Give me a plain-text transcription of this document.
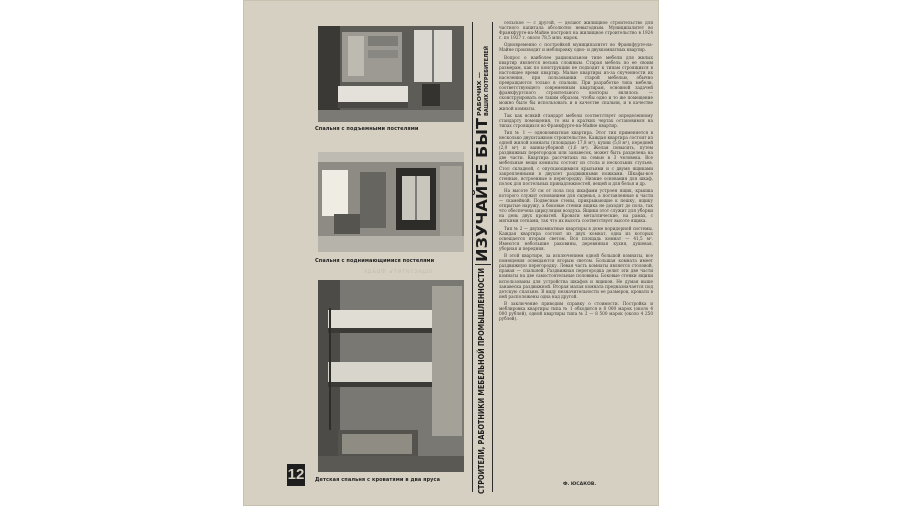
Спальня с подъемными постелями
Спальня с поднимающимися постелями
Детская спальня с кроватями в два яруса
12
ощиститетъ Фрадк
ИЗУЧАЙТЕ БЫТ
РАБОЧИХ — ВАШИХ ПОТРЕБИТЕЛЕЙ
СТРОИТЕЛИ, РАБОТНИКИ МЕБЕЛЬНОЙ ПРОМЫШЛЕННОСТИ

сельское — с другой, — делают жилищное строительство для частного капитала абсолютно невыгодным. Муниципалитет во Франкфурте-на-Майне построил на жилищное строительство в 1924 г. по 1927 г. около 78,5 млн. марок.

Одновременно с постройкой муниципалитет во Франкфурте-на-Майне производит и меблировку одно- и двухкомнатных квартир.

Вопрос о наиболее рациональном типе мебели для жилых квартир является весьма сложным. Старая мебель по ее своим размерам, как по конструкции не подходит к типам строящихся в настоящее время квартир. Малые квартиры из-за скученности их населения, при пользовании старой мебелью, обычно превращаются только в спальни. При разработке типа мебели, соответствующего современным квартирам, основной задачей франкфуртского строительного конторы являлось — сконструировать ее таким образом, чтобы одно и то же помещение можно было бы использовать и в качестве спальни, и в качестве жилой комнаты.

Так как всякий стандарт мебели соответствует определенному стандарту помещения, то мы в кратких чертах остановимся на типах строящихся во Франкфурте-на-Майне квартир.

Тип № 1 — однокомнатная квартира. Этот тип применяется в несколько двухэтажном строительстве. Каждая квартира состоит из одной жилой комнаты (площадью 17,8 м²), кухни (5,8 м²), передней (2,0 м²) и ванны-уборной (1,6 м²). Желая повысить, путем раздвижных перегородок или занавесок, может быть разделена на две части. Квартира рассчитана на семью в 3 человека. Все мебельные вещи комнаты состоят из стола и нескольких стульев. Стол складной, с опускающимися крыльями и с двумя ящиками закрепленными в двухлет раздвижными ножками. Шкафы-все стенные, встроенные в перегородку. Низкие основания для шкаф, полок для постельных принадлежностей, вещей и для белья и др.

На высоте 50 см от пола под шкафами устроен ящик, крышка которого служит основанием для сиденья, а поставленные к части — скамейкой. Подвесные стены, прикрывающие к пешку, ящику открытые наружу, а боковые стенки ящика не доходят до пола, так что обеспечена циркуляция воздуха. Ящики этот служит для уборки на день двух кроватей. Кровати металлические, на рамах, с мягкими сетками, так что их высота соответствует высоте ящика.

Тип № 2 — двухкомнатные квартиры в доме коридорной системы. Каждая квартира состоит из двух комнат, одна из которых освещается вторым светом. Вся площадь комнат — 41,5 м². Имеются небольшие раковины, деревянная кухня, душевая, уборная и передняя.

В этой квартире, за исключением одной большой комнаты, все помещения освещаются вторым светом. Большая комната имеет раздвижную перегородку. Левая часть комнаты является столовой, правая — спальней. Раздвижная перегородка делит эти две части комнаты на две самостоятельные половины. Боковые стенки ящики использованы для устройства шкафов и ящиков. Не думая выше занавеска раздвижной. Вторая малая комната предназначается под детскую спальню. В виду незначительности ее размеров, кровати в ней расположены одна над другой.

В заключение приводим справку о стоимости. Постройка и меблировка квартиры типа № 1 обходится в 8 000 марок (около 4 000 рублей), одной квартиры типа № 2 — 8 500 марок (около 4 250 рублей).

Ф. ЮСАКОВ.
